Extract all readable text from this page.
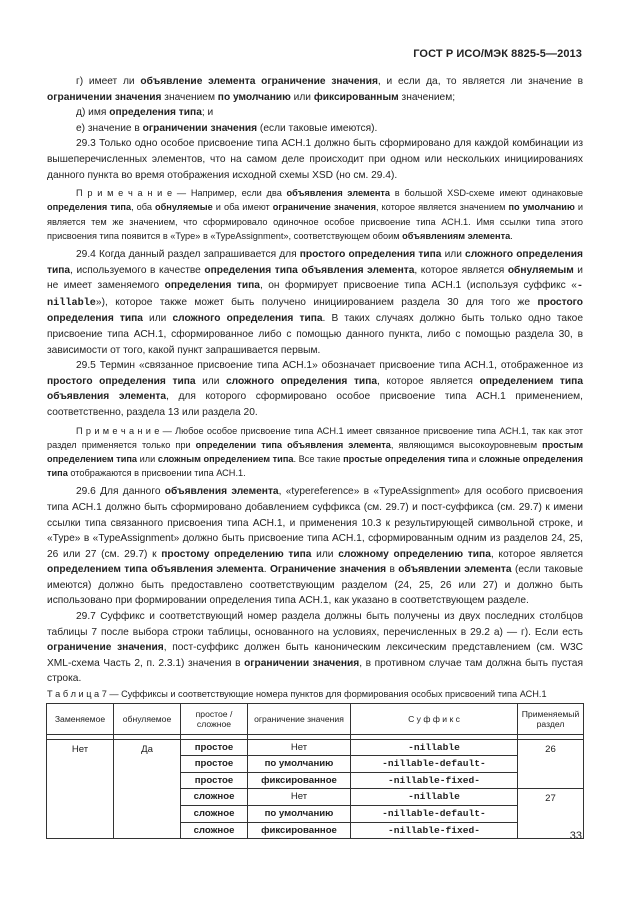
ГОСТ Р ИСО/МЭК 8825-5—2013

г) имеет ли объявление элемента ограничение значения, и если да, то является ли значение в ограничении значения значением по умолчанию или фиксированным значением;

д) имя определения типа; и

е) значение в ограничении значения (если таковые имеются).

29.3 Только одно особое присвоение типа АСН.1 должно быть сформировано для каждой комбинации из вышеперечисленных элементов, что на самом деле происходит при одном или нескольких инициированиях данного пункта во время отображения исходной схемы XSD (но см. 29.4).

П р и м е ч а н и е — Например, если два объявления элемента в большой XSD-схеме имеют одинаковые определения типа, оба обнуляемые и оба имеют ограничение значения, которое является значением по умолчанию и является тем же значением, что сформировало одиночное особое присвоение типа АСН.1. Имя ссылки типа этого присвоения типа появится в «Type» в «TypeAssignment», соответствующем обоим объявлениям элемента.

29.4 Когда данный раздел запрашивается для простого определения типа или сложного определения типа, используемого в качестве определения типа объявления элемента, которое является обнуляемым и не имеет заменяемого определения типа, он формирует присвоение типа АСН.1 (используя суффикс «-nillable»), которое также может быть получено инициированием раздела 30 для того же простого определения типа или сложного определения типа. В таких случаях должно быть только одно такое присвоение типа АСН.1, сформированное либо с помощью данного пункта, либо с помощью раздела 30, в зависимости от того, какой пункт запрашивается первым.

29.5 Термин «связанное присвоение типа АСН.1» обозначает присвоение типа АСН.1, отображенное из простого определения типа или сложного определения типа, которое является определением типа объявления элемента, для которого сформировано особое присвоение типа АСН.1 применением, соответственно, раздела 13 или раздела 20.

П р и м е ч а н и е — Любое особое присвоение типа АСН.1 имеет связанное присвоение типа АСН.1, так как этот раздел применяется только при определении типа объявления элемента, являющимся высокоуровневым простым определением типа или сложным определением типа. Все такие простые определения типа и сложные определения типа отображаются в присвоении типа АСН.1.

29.6 Для данного объявления элемента, «typereference» в «TypeAssignment» для особого присвоения типа АСН.1 должно быть сформировано добавлением суффикса (см. 29.7) и пост-суффикса (см. 29.7) к имени ссылки типа связанного присвоения типа АСН.1, и применения 10.3 к результирующей символьной строке, и «Type» в «TypeAssignment» должно быть присвоение типа АСН.1, сформированным одним из разделов 24, 25, 26 или 27 (см. 29.7) к простому определению типа или сложному определению типа, которое является определением типа объявления элемента. Ограничение значения в объявлении элемента (если таковые имеются) должно быть предоставлено соответствующим разделом (24, 25, 26 или 27) и должно быть использовано при формировании определения типа АСН.1, как указано в соответствующем разделе.

29.7 Суффикс и соответствующий номер раздела должны быть получены из двух последних столбцов таблицы 7 после выбора строки таблицы, основанного на условиях, перечисленных в 29.2 а) — г). Если есть ограничение значения, пост-суффикс должен быть каноническим лексическим представлением (см. W3C XML-схема Часть 2, п. 2.3.1) значения в ограничении значения, в противном случае там должна быть пустая строка.

Т а б л и ц а 7 — Суффиксы и соответствующие номера пунктов для формирования особых присвоений типа АСН.1

Заменяемое	обнуляемое	простое / сложное	ограничение значения	С у ф ф и к с	Применяемый раздел

Нет	Да	простое	Нет	-nillable	26
		простое	по умолчанию	-nillable-default-	
		простое	фиксированное	-nillable-fixed-	
		сложное	Нет	-nillable	27
		сложное	по умолчанию	-nillable-default-	
		сложное	фиксированное	-nillable-fixed-		33
